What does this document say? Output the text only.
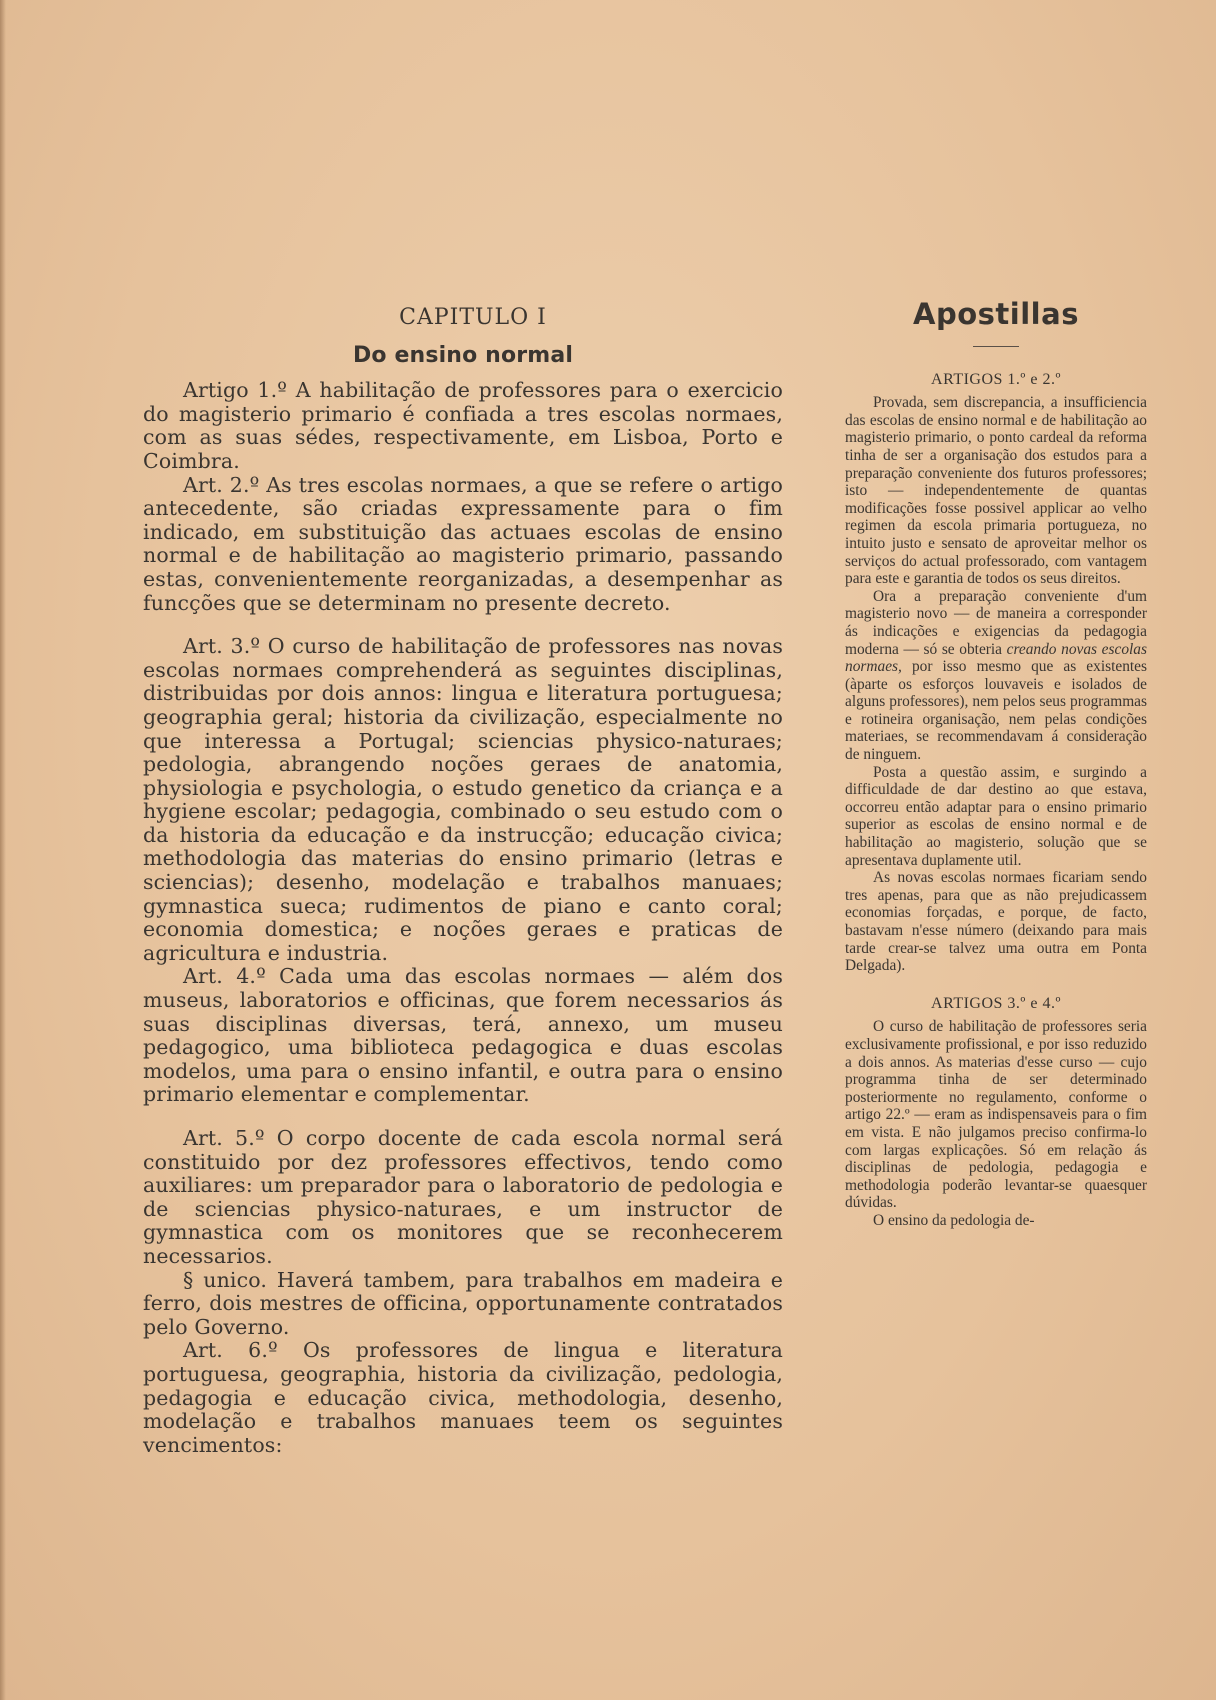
CAPITULO I
Do ensino normal

Artigo 1.º A habilitação de professores para o exercicio do magisterio primario é confiada a tres escolas normaes, com as suas sédes, respectivamente, em Lisboa, Porto e Coimbra.

Art. 2.º As tres escolas normaes, a que se refere o artigo antecedente, são criadas expressamente para o fim indicado, em substituição das actuaes escolas de ensino normal e de habilitação ao magisterio primario, passando estas, convenientemente reorganizadas, a desempenhar as funcções que se determinam no presente decreto.

Art. 3.º O curso de habilitação de professores nas novas escolas normaes comprehenderá as seguintes disciplinas, distribuidas por dois annos: lingua e literatura portuguesa; geographia geral; historia da civilização, especialmente no que interessa a Portugal; sciencias physico-naturaes; pedologia, abrangendo noções geraes de anatomia, physiologia e psychologia, o estudo genetico da criança e a hygiene escolar; pedagogia, combinado o seu estudo com o da historia da educação e da instrucção; educação civica; methodologia das materias do ensino primario (letras e sciencias); desenho, modelação e trabalhos manuaes; gymnastica sueca; rudimentos de piano e canto coral; economia domestica; e noções geraes e praticas de agricultura e industria.

Art. 4.º Cada uma das escolas normaes — além dos museus, laboratorios e officinas, que forem necessarios ás suas disciplinas diversas, terá, annexo, um museu pedagogico, uma biblioteca pedagogica e duas escolas modelos, uma para o ensino infantil, e outra para o ensino primario elementar e complementar.

Art. 5.º O corpo docente de cada escola normal será constituido por dez professores effectivos, tendo como auxiliares: um preparador para o laboratorio de pedologia e de sciencias physico-naturaes, e um instructor de gymnastica com os monitores que se reconhecerem necessarios.

§ unico. Haverá tambem, para trabalhos em madeira e ferro, dois mestres de officina, opportunamente contratados pelo Governo.

Art. 6.º Os professores de lingua e literatura portuguesa, geographia, historia da civilização, pedologia, pedagogia e educação civica, methodologia, desenho, modelação e trabalhos manuaes teem os seguintes vencimentos:

Apostillas
ARTIGOS 1.º e 2.º

Provada, sem discrepancia, a insufficiencia das escolas de ensino normal e de habilitação ao magisterio primario, o ponto cardeal da reforma tinha de ser a organisação dos estudos para a preparação conveniente dos futuros professores; isto — independentemente de quantas modificações fosse possivel applicar ao velho regimen da escola primaria portugueza, no intuito justo e sensato de aproveitar melhor os serviços do actual professorado, com vantagem para este e garantia de todos os seus direitos.

Ora a preparação conveniente d'um magisterio novo — de maneira a corresponder ás indicações e exigencias da pedagogia moderna — só se obteria creando novas escolas normaes, por isso mesmo que as existentes (àparte os esforços louvaveis e isolados de alguns professores), nem pelos seus programmas e rotineira organisação, nem pelas condições materiaes, se recommendavam á consideração de ninguem.

Posta a questão assim, e surgindo a difficuldade de dar destino ao que estava, occorreu então adaptar para o ensino primario superior as escolas de ensino normal e de habilitação ao magisterio, solução que se apresentava duplamente util.

As novas escolas normaes ficariam sendo tres apenas, para que as não prejudicassem economias forçadas, e porque, de facto, bastavam n'esse número (deixando para mais tarde crear-se talvez uma outra em Ponta Delgada).

ARTIGOS 3.º e 4.º

O curso de habilitação de professores seria exclusivamente profissional, e por isso reduzido a dois annos. As materias d'esse curso — cujo programma tinha de ser determinado posteriormente no regulamento, conforme o artigo 22.º — eram as indispensaveis para o fim em vista. E não julgamos preciso confirma-lo com largas explicações. Só em relação ás disciplinas de pedologia, pedagogia e methodologia poderão levantar-se quaesquer dúvidas.

O ensino da pedologia de-
